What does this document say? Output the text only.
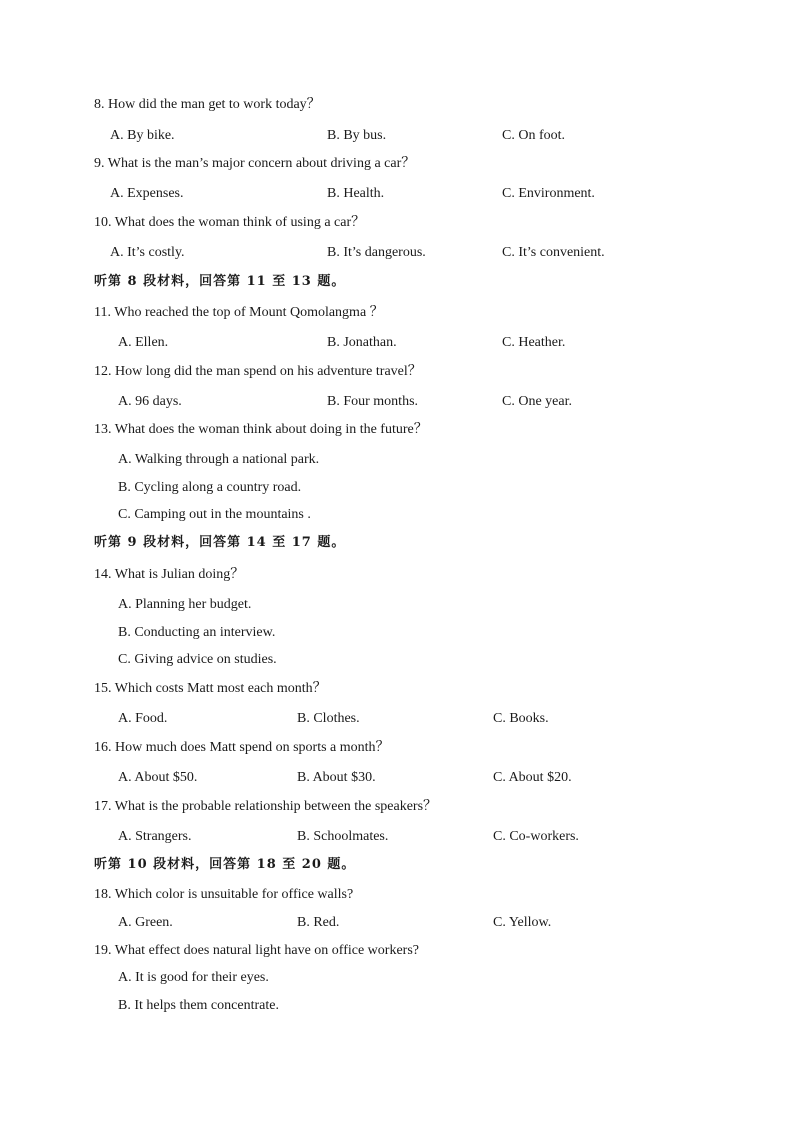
8. How did the man get to work today？
A. By bike.	B. By bus.	C. On foot.
9. What is the man’s major concern about driving a car？
A. Expenses.	B. Health.	C. Environment.
10. What does the woman think of using a car？
A. It’s costly.	B. It’s dangerous.	C. It’s convenient.
听第 8 段材料，回答第 11 至 13 题。
11. Who reached the top of Mount Qomolangma ？
A. Ellen.	B. Jonathan.	C. Heather.
12. How long did the man spend on his adventure travel？
A. 96 days.	B. Four months.	C. One year.
13. What does the woman think about doing in the future？
A. Walking through a national park.
B. Cycling along a country road.
C. Camping out in the mountains .
听第 9 段材料，回答第 14 至 17 题。
14. What is Julian doing？
A. Planning her budget.
B. Conducting an interview.
C. Giving advice on studies.
15. Which costs Matt most each month？
A. Food.	B. Clothes.	C. Books.
16. How much does Matt spend on sports a month？
A. About $50.	B. About $30.	C. About $20.
17. What is the probable relationship between the speakers？
A. Strangers.	B. Schoolmates.	C. Co-workers.
听第 10 段材料，回答第 18 至 20 题。
18. Which color is unsuitable for office walls?
A. Green.	B. Red.	C. Yellow.
19. What effect does natural light have on office workers?
A. It is good for their eyes.
B. It helps them concentrate.
